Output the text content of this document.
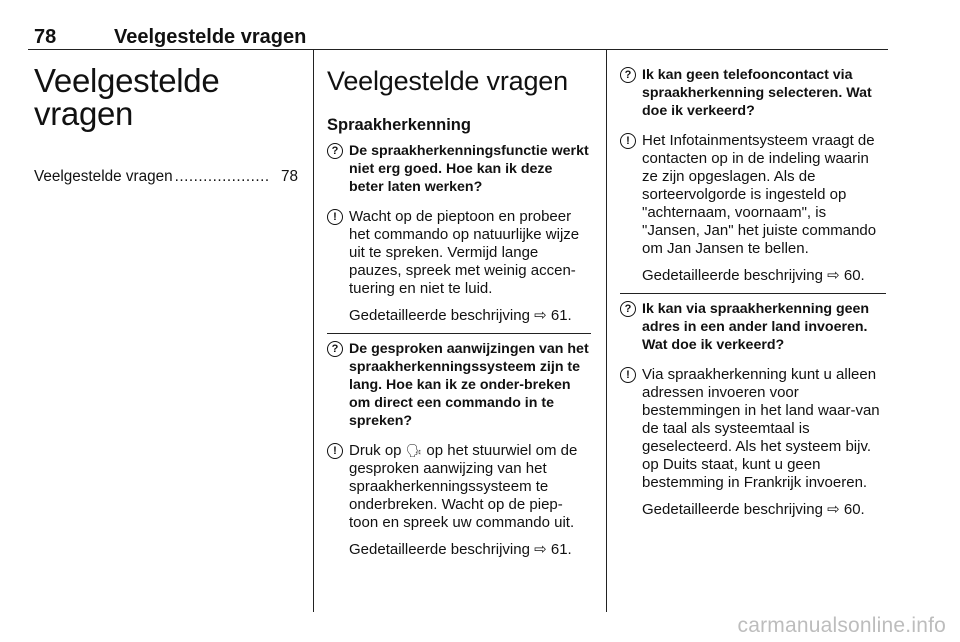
78	Veelgestelde vragen
Veelgestelde
vragen
Veelgestelde vragen .................... 78
Veelgestelde vragen
Spraakherkenning
? De spraakherkenningsfunctie werkt niet erg goed. Hoe kan ik deze beter laten werken?
! Wacht op de pieptoon en probeer het commando op natuurlijke wijze uit te spreken. Vermijd lange pauzes, spreek met weinig accen-tuering en niet te luid.
Gedetailleerde beschrijving ⇨ 61.
? De gesproken aanwijzingen van het spraakherkenningssysteem zijn te lang. Hoe kan ik ze onder-breken om direct een commando in te spreken?
! Druk op 🗣 op het stuurwiel om de gesproken aanwijzing van het spraakherkenningssysteem te onderbreken. Wacht op de piep-toon en spreek uw commando uit.
Gedetailleerde beschrijving ⇨ 61.
? Ik kan geen telefooncontact via spraakherkenning selecteren. Wat doe ik verkeerd?
! Het Infotainmentsysteem vraagt de contacten op in de indeling waarin ze zijn opgeslagen. Als de sorteervolgorde is ingesteld op "achternaam, voornaam", is "Jansen, Jan" het juiste commando om Jan Jansen te bellen.
Gedetailleerde beschrijving ⇨ 60.
? Ik kan via spraakherkenning geen adres in een ander land invoeren. Wat doe ik verkeerd?
! Via spraakherkenning kunt u alleen adressen invoeren voor bestemmingen in het land waar-van de taal als systeemtaal is geselecteerd. Als het systeem bijv. op Duits staat, kunt u geen bestemming in Frankrijk invoeren.
Gedetailleerde beschrijving ⇨ 60.
carmanualsonline.info
